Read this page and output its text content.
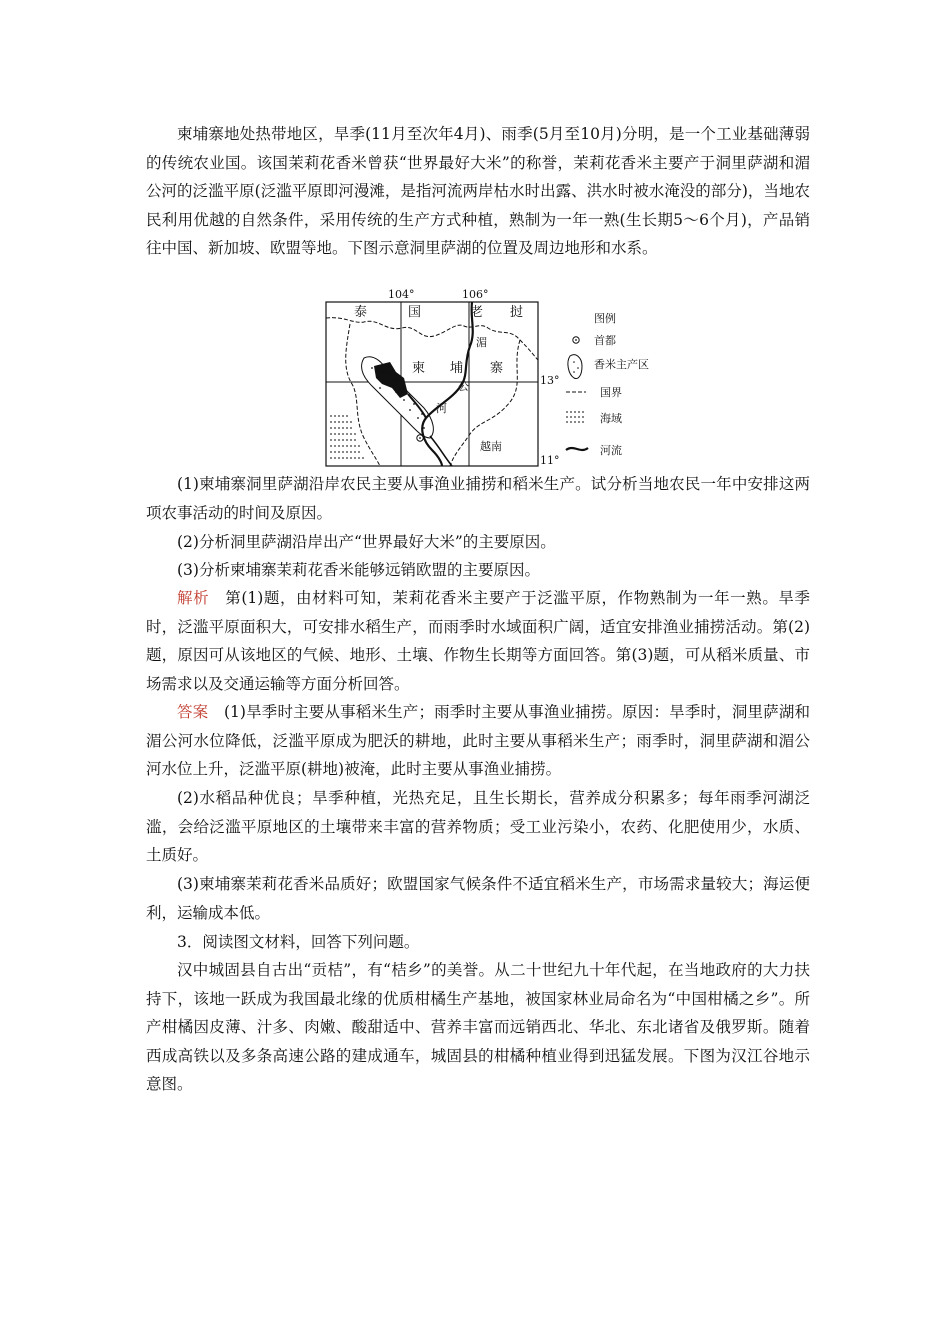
柬埔寨地处热带地区，旱季(11月至次年4月)、雨季(5月至10月)分明，是一个工业基础薄弱的传统农业国。该国茉莉花香米曾获“世界最好大米”的称誉，茉莉花香米主要产于洞里萨湖和湄公河的泛滥平原(泛滥平原即河漫滩，是指河流两岸枯水时出露、洪水时被水淹没的部分)，当地农民利用优越的自然条件，采用传统的生产方式种植，熟制为一年一熟(生长期5～6个月)，产品销往中国、新加坡、欧盟等地。下图示意洞里萨湖的位置及周边地形和水系。

104°	106°
泰	国	老 挝
柬 埔 寨
湄
公
河
洞 里
萨
湖
越南
13°
11°
图例
首都
香米主产区
国界
海域
河流

(1)柬埔寨洞里萨湖沿岸农民主要从事渔业捕捞和稻米生产。试分析当地农民一年中安排这两项农事活动的时间及原因。

(2)分析洞里萨湖沿岸出产“世界最好大米”的主要原因。

(3)分析柬埔寨茉莉花香米能够远销欧盟的主要原因。

解析　第(1)题，由材料可知，茉莉花香米主要产于泛滥平原，作物熟制为一年一熟。旱季时，泛滥平原面积大，可安排水稻生产，而雨季时水域面积广阔，适宜安排渔业捕捞活动。第(2)题，原因可从该地区的气候、地形、土壤、作物生长期等方面回答。第(3)题，可从稻米质量、市场需求以及交通运输等方面分析回答。

答案　(1)旱季时主要从事稻米生产；雨季时主要从事渔业捕捞。原因：旱季时，洞里萨湖和湄公河水位降低，泛滥平原成为肥沃的耕地，此时主要从事稻米生产；雨季时，洞里萨湖和湄公河水位上升，泛滥平原(耕地)被淹，此时主要从事渔业捕捞。

(2)水稻品种优良；旱季种植，光热充足，且生长期长，营养成分积累多；每年雨季河湖泛滥，会给泛滥平原地区的土壤带来丰富的营养物质；受工业污染小，农药、化肥使用少，水质、土质好。

(3)柬埔寨茉莉花香米品质好；欧盟国家气候条件不适宜稻米生产，市场需求量较大；海运便利，运输成本低。

3．阅读图文材料，回答下列问题。

汉中城固县自古出“贡桔”，有“桔乡”的美誉。从二十世纪九十年代起，在当地政府的大力扶持下，该地一跃成为我国最北缘的优质柑橘生产基地，被国家林业局命名为“中国柑橘之乡”。所产柑橘因皮薄、汁多、肉嫩、酸甜适中、营养丰富而远销西北、华北、东北诸省及俄罗斯。随着西成高铁以及多条高速公路的建成通车，城固县的柑橘种植业得到迅猛发展。下图为汉江谷地示意图。
